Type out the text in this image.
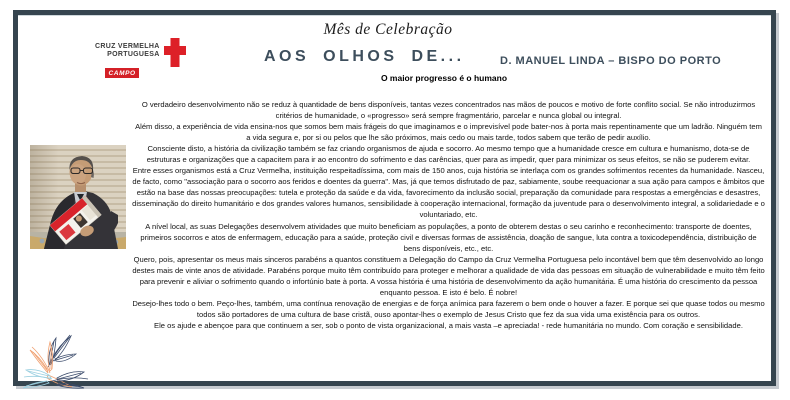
CRUZ VERMELHA
PORTUGUESA
CAMPO
Mês de Celebração
AOS OLHOS DE...	D. MANUEL LINDA – BISPO DO PORTO
O maior progresso é o humano

O verdadeiro desenvolvimento não se reduz à quantidade de bens disponíveis, tantas vezes concentrados nas mãos de poucos e motivo de forte conflito social. Se não introduzirmos critérios de humanidade, o «progresso» será sempre fragmentário, parcelar e nunca global ou integral.

Além disso, a experiência de vida ensina-nos que somos bem mais frágeis do que imaginamos e o imprevisível pode bater-nos à porta mais repentinamente que um ladrão. Ninguém tem a vida segura e, por si ou pelos que lhe são próximos, mais cedo ou mais tarde, todos sabem que terão de pedir auxílio.

Consciente disto, a história da civilização também se faz criando organismos de ajuda e socorro. Ao mesmo tempo que a humanidade cresce em cultura e humanismo, dota-se de estruturas e organizações que a capacitem para ir ao encontro do sofrimento e das carências, quer para as impedir, quer para minimizar os seus efeitos, se não se puderem evitar.

Entre esses organismos está a Cruz Vermelha, instituição respeitadíssima, com mais de 150 anos, cuja história se interlaça com os grandes sofrimentos recentes da humanidade. Nasceu, de facto, como "associação para o socorro aos feridos e doentes da guerra". Mas, já que temos disfrutado de paz, sabiamente, soube reequacionar a sua ação para campos e âmbitos que estão na base das nossas preocupações: tutela e proteção da saúde e da vida, favorecimento da inclusão social, preparação da comunidade para respostas a emergências e desastres, disseminação do direito humanitário e dos grandes valores humanos, sensibilidade à cooperação internacional, formação da juventude para o desenvolvimento integral, a solidariedade e o voluntariado, etc.

A nível local, as suas Delegações desenvolvem atividades que muito beneficiam as populações, a ponto de obterem destas o seu carinho e reconhecimento: transporte de doentes, primeiros socorros e atos de enfermagem, educação para a saúde, proteção civil e diversas formas de assistência, doação de sangue, luta contra a toxicodependência, distribuição de bens disponíveis, etc., etc.

Quero, pois, apresentar os meus mais sinceros parabéns a quantos constituem a Delegação do Campo da Cruz Vermelha Portuguesa pelo incontável bem que têm desenvolvido ao longo destes mais de vinte anos de atividade. Parabéns porque muito têm contribuído para proteger e melhorar a qualidade de vida das pessoas em situação de vulnerabilidade e muito têm feito para prevenir e aliviar o sofrimento quando o infortúnio bate à porta. A vossa história é uma história de desenvolvimento da ação humanitária. É uma história do crescimento da pessoa enquanto pessoa. E isto é belo. É nobre!

Desejo-lhes todo o bem. Peço-lhes, também, uma contínua renovação de energias e de força anímica para fazerem o bem onde o houver a fazer. E porque sei que quase todos ou mesmo todos são portadores de uma cultura de base cristã, ouso apontar-lhes o exemplo de Jesus Cristo que fez da sua vida uma existência para os outros.

Ele os ajude e abençoe para que continuem a ser, sob o ponto de vista organizacional, a mais vasta –e apreciada! - rede humanitária no mundo. Com coração e sensibilidade.
